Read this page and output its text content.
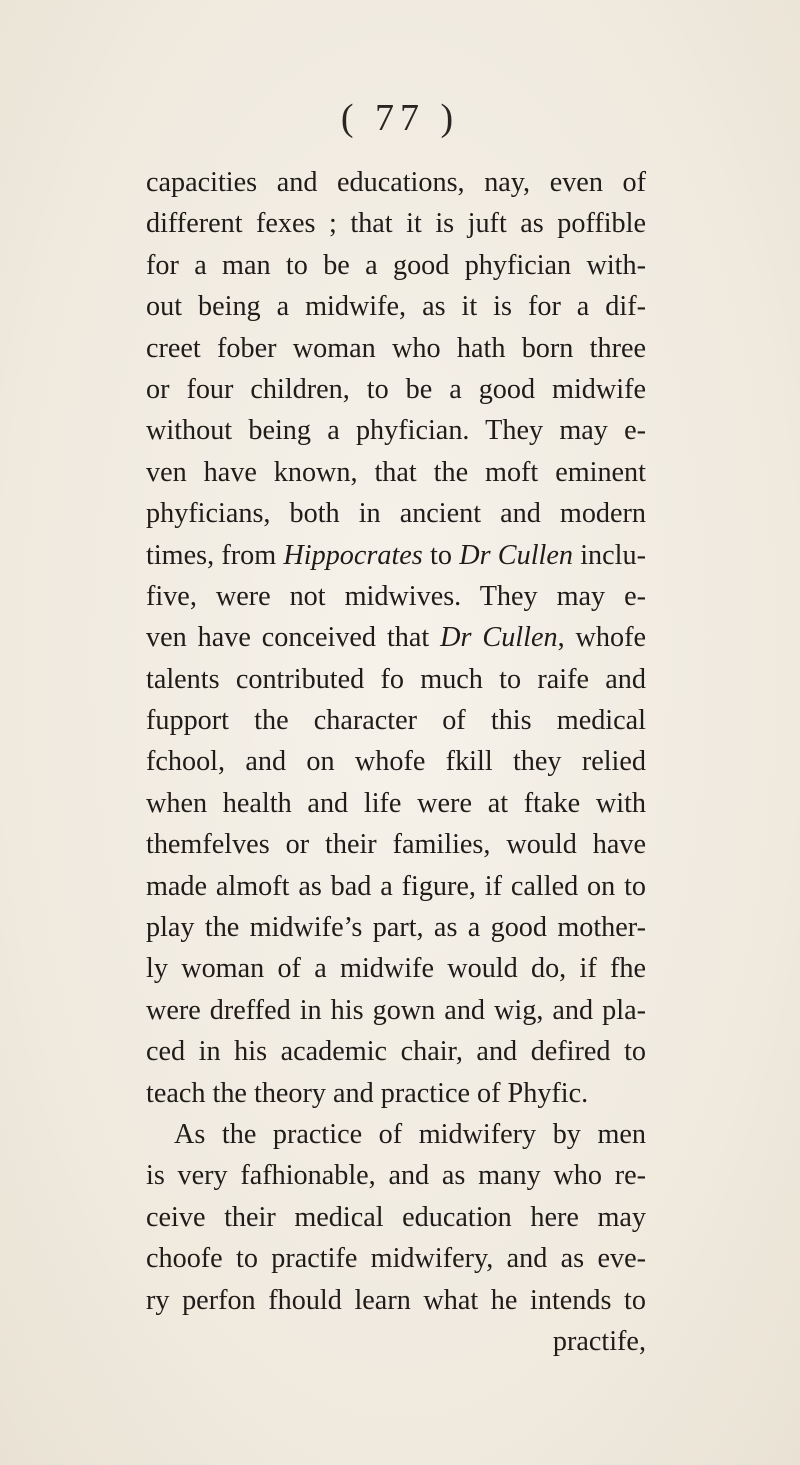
( 77 )
capacities and educations, nay, even of
different fexes ; that it is juft as poffible
for a man to be a good phyfician with-
out being a midwife, as it is for a dif-
creet fober woman who hath born three
or four children, to be a good midwife
without being a phyfician. They may e-
ven have known, that the moft eminent
phyficians, both in ancient and modern
times, from Hippocrates to Dr Cullen inclu-
five, were not midwives. They may e-
ven have conceived that Dr Cullen, whofe
talents contributed fo much to raife and
fupport the character of this medical
fchool, and on whofe fkill they relied
when health and life were at ftake with
themfelves or their families, would have
made almoft as bad a figure, if called on to
play the midwife’s part, as a good mother-
ly woman of a midwife would do, if fhe
were dreffed in his gown and wig, and pla-
ced in his academic chair, and defired to
teach the theory and practice of Phyfic.
As the practice of midwifery by men
is very fafhionable, and as many who re-
ceive their medical education here may
choofe to practife midwifery, and as eve-
ry perfon fhould learn what he intends to
practife,
